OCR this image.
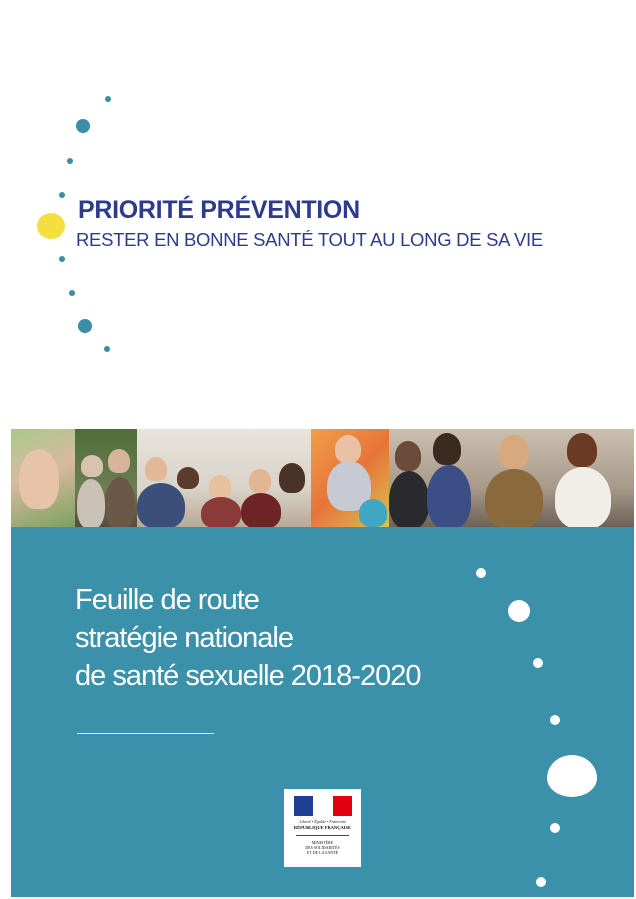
PRIORITÉ PRÉVENTION
RESTER EN BONNE SANTÉ TOUT AU LONG DE SA VIE
Feuille de route
stratégie nationale
de santé sexuelle 2018-2020
Liberté • Égalité • Fraternité
RÉPUBLIQUE FRANÇAISE
MINISTÈRE
DES SOLIDARITÉS
ET DE LA SANTÉ
